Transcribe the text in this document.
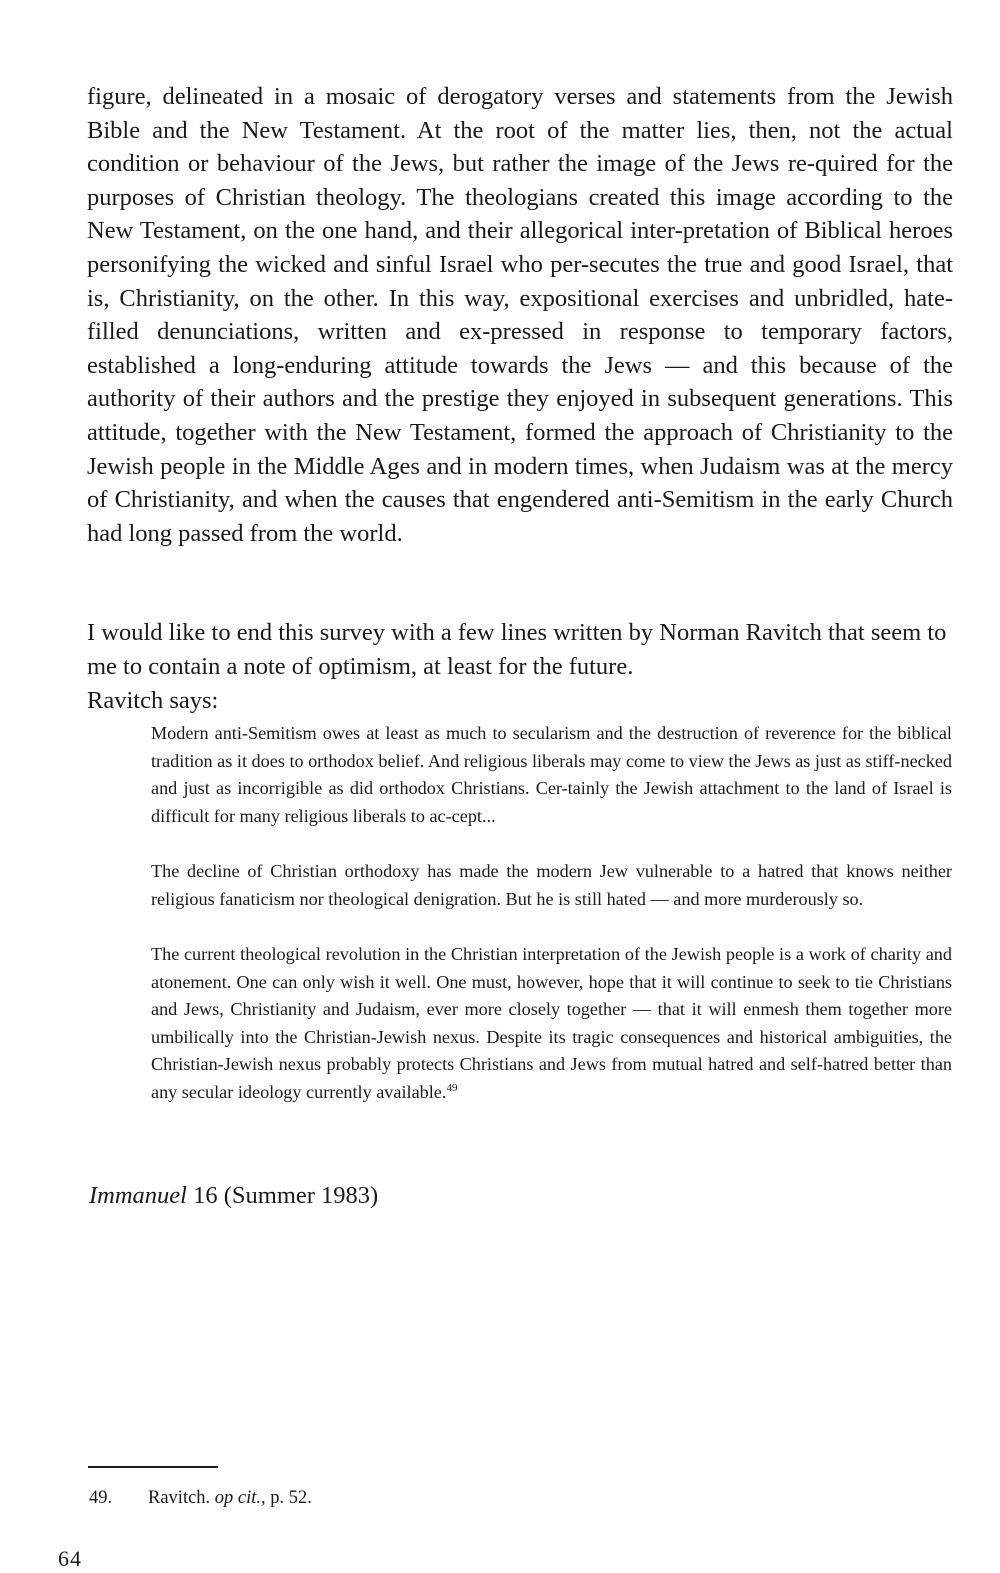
figure, delineated in a mosaic of derogatory verses and statements from the Jewish Bible and the New Testament. At the root of the matter lies, then, not the actual condition or behaviour of the Jews, but rather the image of the Jews re-quired for the purposes of Christian theology. The theologians created this image according to the New Testament, on the one hand, and their allegorical inter-pretation of Biblical heroes personifying the wicked and sinful Israel who per-secutes the true and good Israel, that is, Christianity, on the other. In this way, expositional exercises and unbridled, hate-filled denunciations, written and ex-pressed in response to temporary factors, established a long-enduring attitude towards the Jews — and this because of the authority of their authors and the prestige they enjoyed in subsequent generations. This attitude, together with the New Testament, formed the approach of Christianity to the Jewish people in the Middle Ages and in modern times, when Judaism was at the mercy of Christianity, and when the causes that engendered anti-Semitism in the early Church had long passed from the world.

I would like to end this survey with a few lines written by Norman Ravitch that seem to me to contain a note of optimism, at least for the future.

Ravitch says:

Modern anti-Semitism owes at least as much to secularism and the destruction of reverence for the biblical tradition as it does to orthodox belief. And religious liberals may come to view the Jews as just as stiff-necked and just as incorrigible as did orthodox Christians. Cer-tainly the Jewish attachment to the land of Israel is difficult for many religious liberals to ac-cept...

The decline of Christian orthodoxy has made the modern Jew vulnerable to a hatred that knows neither religious fanaticism nor theological denigration. But he is still hated — and more murderously so.

The current theological revolution in the Christian interpretation of the Jewish people is a work of charity and atonement. One can only wish it well. One must, however, hope that it will continue to seek to tie Christians and Jews, Christianity and Judaism, ever more closely together — that it will enmesh them together more umbilically into the Christian-Jewish nexus. Despite its tragic consequences and historical ambiguities, the Christian-Jewish nexus probably protects Christians and Jews from mutual hatred and self-hatred better than any secular ideology currently available.$^{49}$

Immanuel 16 (Summer 1983)

49. Ravitch. op cit., p. 52.

64
